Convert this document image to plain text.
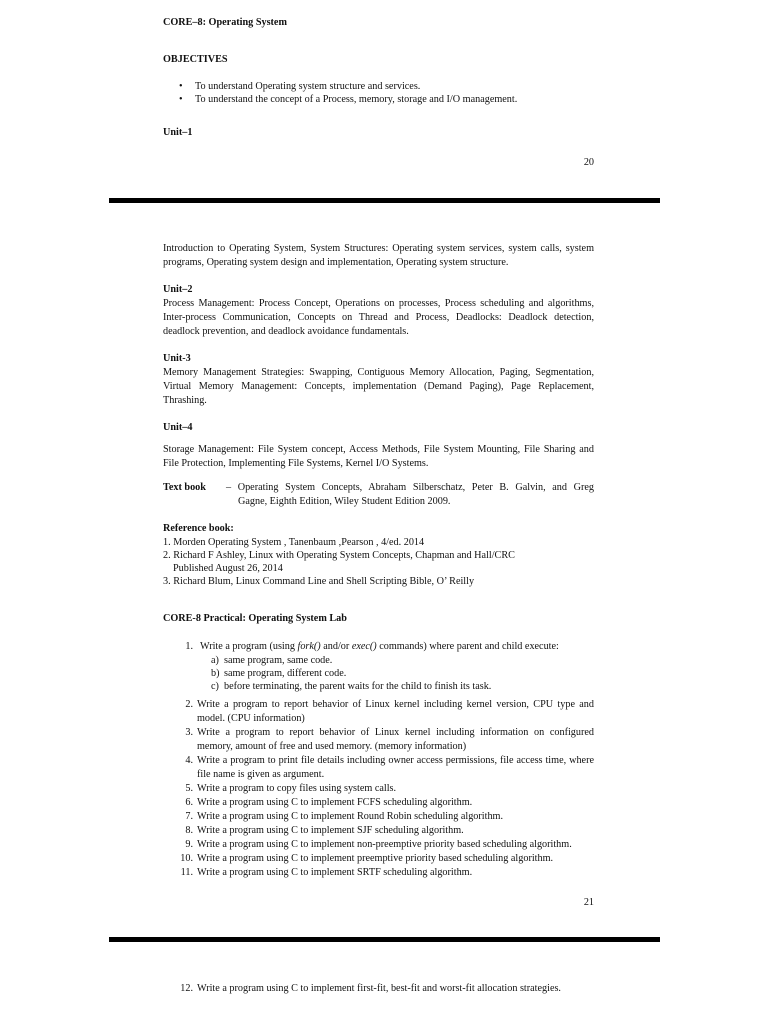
CORE–8: Operating System
OBJECTIVES
• To understand Operating system structure and services.
• To understand the concept of a Process, memory, storage and I/O management.
Unit–1
20
Introduction to Operating System, System Structures: Operating system services, system calls, system programs, Operating system design and implementation, Operating system structure.
Unit–2
Process Management: Process Concept, Operations on processes, Process scheduling and algorithms, Inter-process Communication, Concepts on Thread and Process, Deadlocks: Deadlock detection, deadlock prevention, and deadlock avoidance fundamentals.
Unit-3
Memory Management Strategies: Swapping, Contiguous Memory Allocation, Paging, Segmentation, Virtual Memory Management: Concepts, implementation (Demand Paging), Page Replacement, Thrashing.
Unit–4
Storage Management: File System concept, Access Methods, File System Mounting, File Sharing and File Protection, Implementing File Systems, Kernel I/O Systems.
Text book – Operating System Concepts, Abraham Silberschatz, Peter B. Galvin, and Greg
Gagne, Eighth Edition, Wiley Student Edition 2009.
Reference book:
1. Morden Operating System , Tanenbaum ,Pearson , 4/ed. 2014
2. Richard F Ashley, Linux with Operating System Concepts, Chapman and Hall/CRC
Published August 26, 2014
3. Richard Blum, Linux Command Line and Shell Scripting Bible, O’ Reilly
CORE-8 Practical: Operating System Lab
1. Write a program (using fork() and/or exec() commands) where parent and child execute:
a) same program, same code.
b) same program, different code.
c) before terminating, the parent waits for the child to finish its task.
2. Write a program to report behavior of Linux kernel including kernel version, CPU type and model. (CPU information)
3. Write a program to report behavior of Linux kernel including information on configured memory, amount of free and used memory. (memory information)
4. Write a program to print file details including owner access permissions, file access time, where file name is given as argument.
5. Write a program to copy files using system calls.
6. Write a program using C to implement FCFS scheduling algorithm.
7. Write a program using C to implement Round Robin scheduling algorithm.
8. Write a program using C to implement SJF scheduling algorithm.
9. Write a program using C to implement non-preemptive priority based scheduling algorithm.
10. Write a program using C to implement preemptive priority based scheduling algorithm.
11. Write a program using C to implement SRTF scheduling algorithm.
21
12. Write a program using C to implement first-fit, best-fit and worst-fit allocation strategies.
